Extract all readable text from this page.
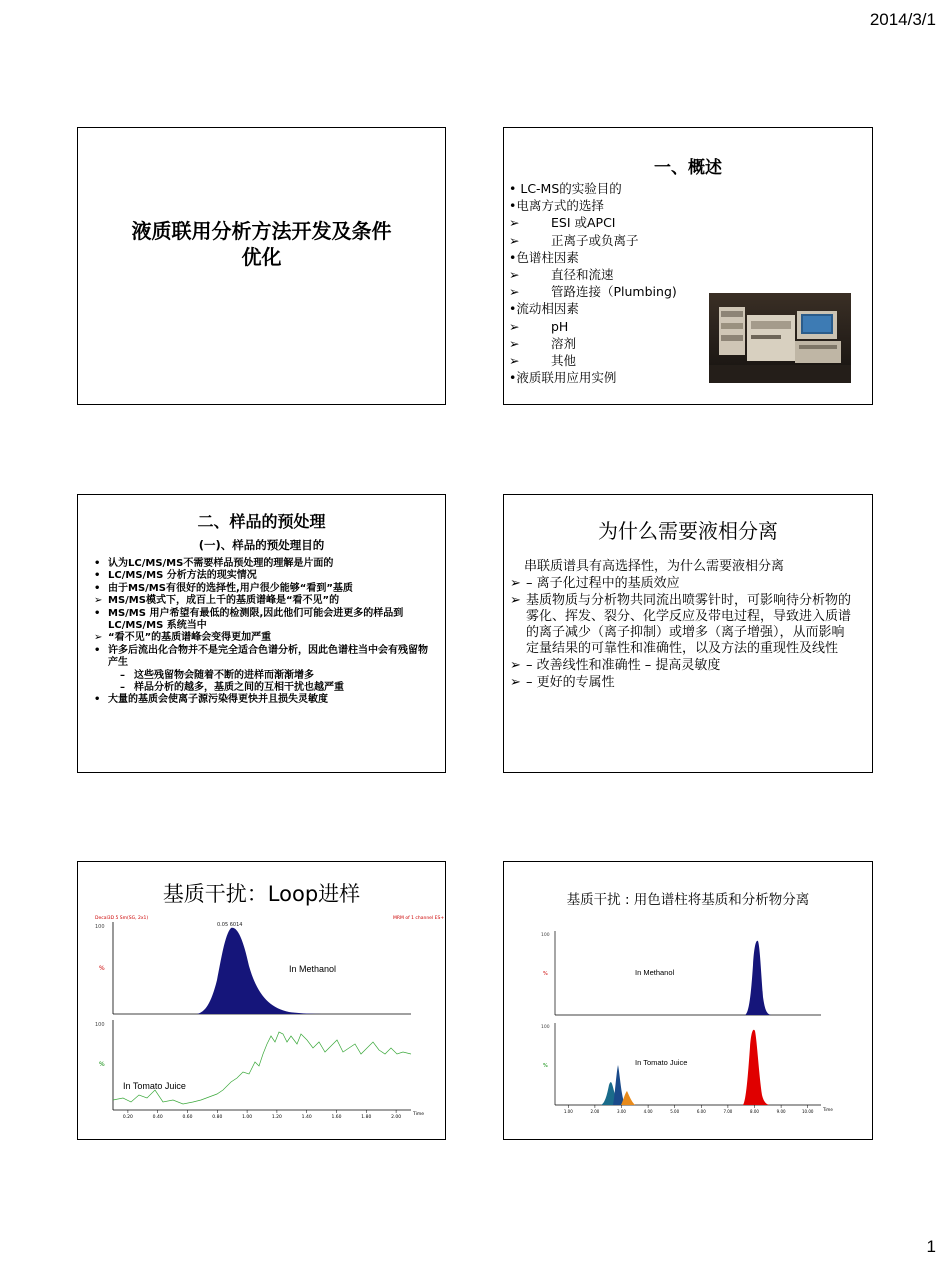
2014/3/1
液质联用分析方法开发及条件
优化
一、概述
• LC-MS的实验目的
•电离方式的选择
➢	ESI 或APCI
➢	正离子或负离子
•色谱柱因素
➢	直径和流速
➢	管路连接（Plumbing)
•流动相因素
➢	pH
➢	溶剂
➢	其他
•液质联用应用实例
二、样品的预处理
(一)、样品的预处理目的
• 认为LC/MS/MS不需要样品预处理的理解是片面的
• LC/MS/MS 分析方法的现实情况
• 由于MS/MS有很好的选择性,用户很少能够“看到”基质
➢ MS/MS模式下，成百上千的基质谱峰是“看不见”的
• MS/MS 用户希望有最低的检测限,因此他们可能会进更多的样品到LC/MS/MS 系统当中
➢ “看不见”的基质谱峰会变得更加严重
• 许多后流出化合物并不是完全适合色谱分析，因此色谱柱当中会有残留物产生
– 这些残留物会随着不断的进样而渐渐增多
– 样品分析的越多，基质之间的互相干扰也越严重
• 大量的基质会使离子源污染得更快并且损失灵敏度
为什么需要液相分离
串联质谱具有高选择性，为什么需要液相分离
➢ – 离子化过程中的基质效应
➢ 基质物质与分析物共同流出喷雾针时，可影响待分析物的雾化、挥发、裂分、化学反应及带电过程，导致进入质谱的离子减少（离子抑制）或增多（离子增强），从而影响定量结果的可靠性和准确性，以及方法的重现性及线性
➢ – 改善线性和准确性 – 提高灵敏度
➢ – 更好的专属性
基质干扰：Loop进样
100
%
Decal3D 5 Sm(SG, 2x1)	MRM of 1 channel ES+
0.05 6014
In Methanol
100
%
In Tomato Juice
0.20	0.40	0.60	0.80	1.00	1.20	1.40	1.60	1.80	2.00
Time
基质干扰 : 用色谱柱将基质和分析物分离
100
%	In Methanol
100
%	In Tomato Juice
1.00	2.00	3.00	4.00	5.00	6.00	7.00	8.00	9.00	10.00 Time
1
